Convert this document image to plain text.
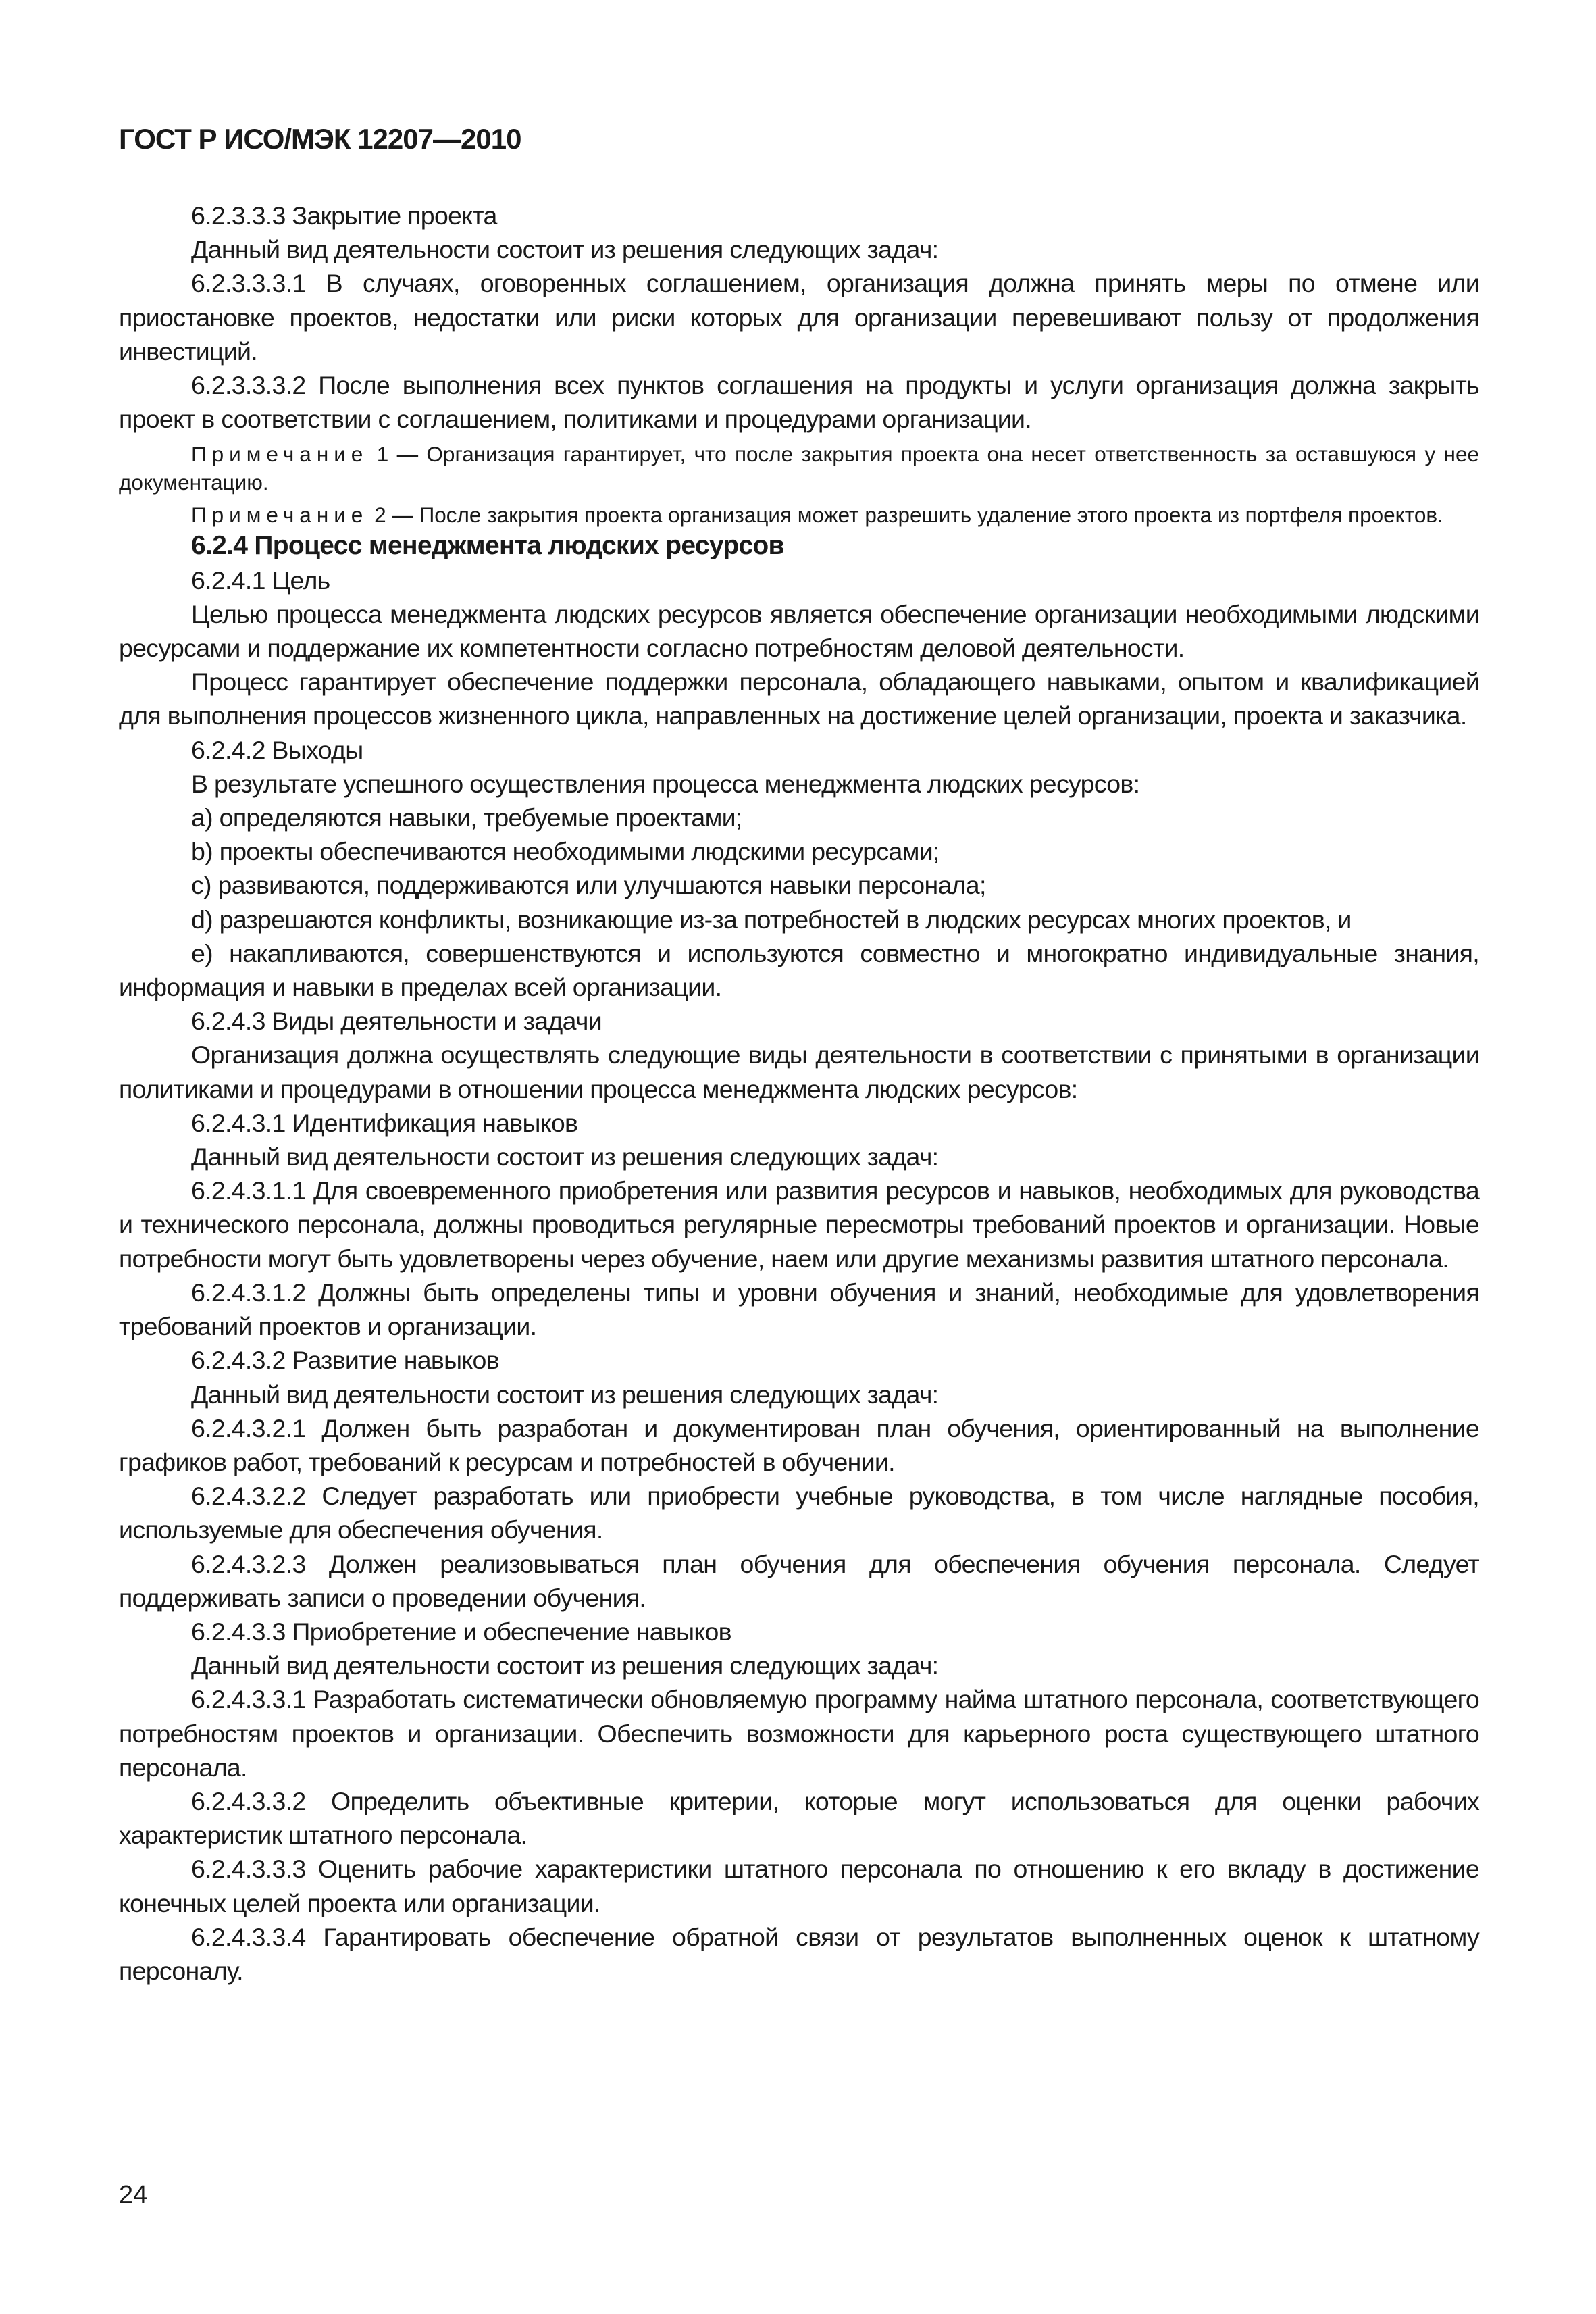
ГОСТ Р ИСО/МЭК 12207—2010

6.2.3.3.3 Закрытие проекта

Данный вид деятельности состоит из решения следующих задач:

6.2.3.3.3.1 В случаях, оговоренных соглашением, организация должна принять меры по отмене или приостановке проектов, недостатки или риски которых для организации перевешивают пользу от продолжения инвестиций.

6.2.3.3.3.2 После выполнения всех пунктов соглашения на продукты и услуги организация должна закрыть проект в соответствии с соглашением, политиками и процедурами организации.

Примечание 1 — Организация гарантирует, что после закрытия проекта она несет ответственность за оставшуюся у нее документацию.

Примечание 2 — После закрытия проекта организация может разрешить удаление этого проекта из портфеля проектов.

6.2.4 Процесс менеджмента людских ресурсов

6.2.4.1 Цель

Целью процесса менеджмента людских ресурсов является обеспечение организации необходимыми людскими ресурсами и поддержание их компетентности согласно потребностям деловой деятельности.

Процесс гарантирует обеспечение поддержки персонала, обладающего навыками, опытом и квалификацией для выполнения процессов жизненного цикла, направленных на достижение целей организации, проекта и заказчика.

6.2.4.2 Выходы

В результате успешного осуществления процесса менеджмента людских ресурсов:

a) определяются навыки, требуемые проектами;

b) проекты обеспечиваются необходимыми людскими ресурсами;

c) развиваются, поддерживаются или улучшаются навыки персонала;

d) разрешаются конфликты, возникающие из-за потребностей в людских ресурсах многих проектов, и

e) накапливаются, совершенствуются и используются совместно и многократно индивидуальные знания, информация и навыки в пределах всей организации.

6.2.4.3 Виды деятельности и задачи

Организация должна осуществлять следующие виды деятельности в соответствии с принятыми в организации политиками и процедурами в отношении процесса менеджмента людских ресурсов:

6.2.4.3.1 Идентификация навыков

Данный вид деятельности состоит из решения следующих задач:

6.2.4.3.1.1 Для своевременного приобретения или развития ресурсов и навыков, необходимых для руководства и технического персонала, должны проводиться регулярные пересмотры требований проектов и организации. Новые потребности могут быть удовлетворены через обучение, наем или другие механизмы развития штатного персонала.

6.2.4.3.1.2 Должны быть определены типы и уровни обучения и знаний, необходимые для удовлетворения требований проектов и организации.

6.2.4.3.2 Развитие навыков

Данный вид деятельности состоит из решения следующих задач:

6.2.4.3.2.1 Должен быть разработан и документирован план обучения, ориентированный на выполнение графиков работ, требований к ресурсам и потребностей в обучении.

6.2.4.3.2.2 Следует разработать или приобрести учебные руководства, в том числе наглядные пособия, используемые для обеспечения обучения.

6.2.4.3.2.3 Должен реализовываться план обучения для обеспечения обучения персонала. Следует поддерживать записи о проведении обучения.

6.2.4.3.3 Приобретение и обеспечение навыков

Данный вид деятельности состоит из решения следующих задач:

6.2.4.3.3.1 Разработать систематически обновляемую программу найма штатного персонала, соответствующего потребностям проектов и организации. Обеспечить возможности для карьерного роста существующего штатного персонала.

6.2.4.3.3.2 Определить объективные критерии, которые могут использоваться для оценки рабочих характеристик штатного персонала.

6.2.4.3.3.3 Оценить рабочие характеристики штатного персонала по отношению к его вкладу в достижение конечных целей проекта или организации.

6.2.4.3.3.4 Гарантировать обеспечение обратной связи от результатов выполненных оценок к штатному персоналу.

24
